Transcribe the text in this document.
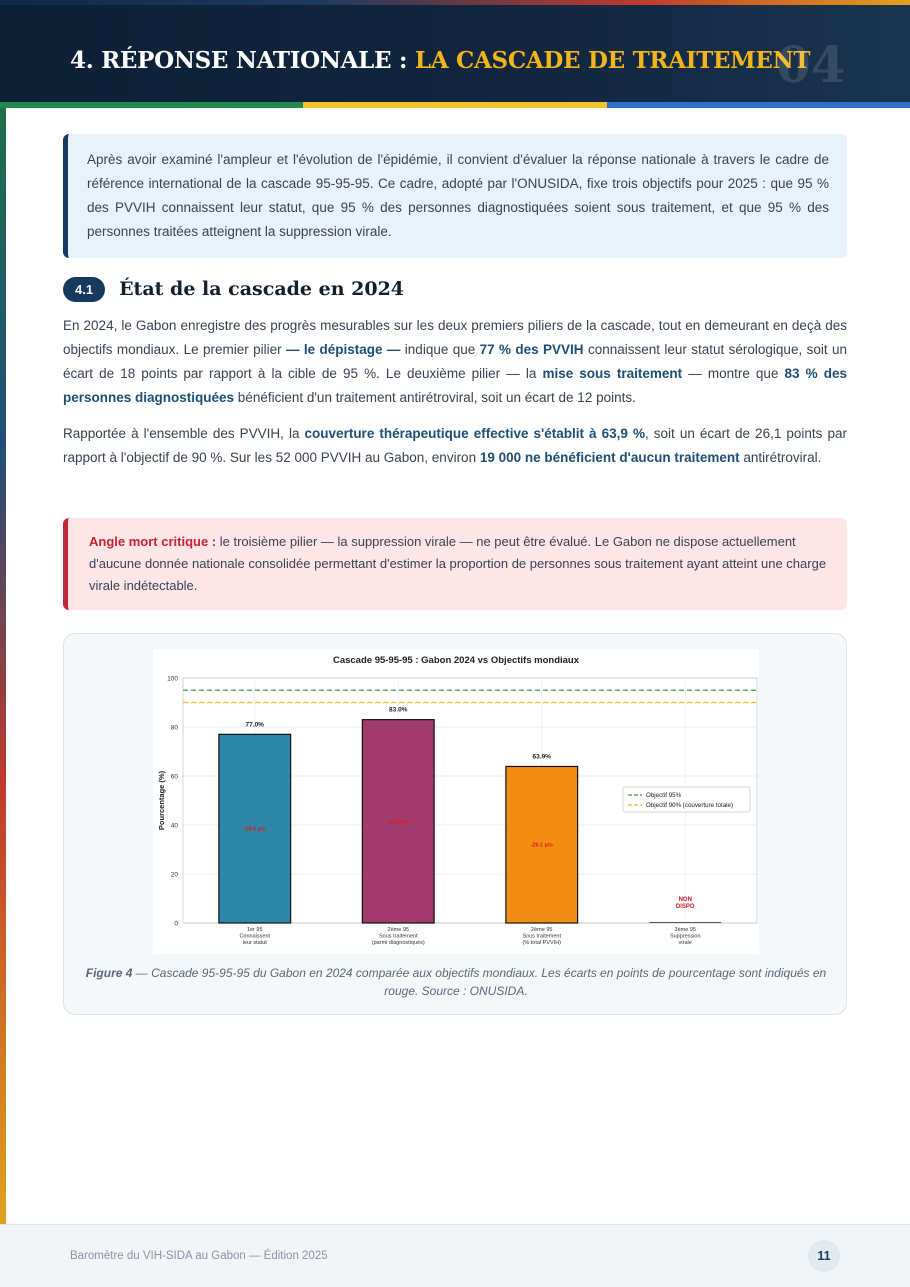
4. RÉPONSE NATIONALE : LA CASCADE DE TRAITEMENT
04
Après avoir examiné l'ampleur et l'évolution de l'épidémie, il convient d'évaluer la réponse nationale à travers le cadre de référence international de la cascade 95-95-95. Ce cadre, adopté par l'ONUSIDA, fixe trois objectifs pour 2025 : que 95 % des PVVIH connaissent leur statut, que 95 % des personnes diagnostiquées soient sous traitement, et que 95 % des personnes traitées atteignent la suppression virale.
4.1	État de la cascade en 2024
En 2024, le Gabon enregistre des progrès mesurables sur les deux premiers piliers de la cascade, tout en demeurant en deçà des objectifs mondiaux. Le premier pilier — le dépistage — indique que 77 % des PVVIH connaissent leur statut sérologique, soit un écart de 18 points par rapport à la cible de 95 %. Le deuxième pilier — la mise sous traitement — montre que 83 % des personnes diagnostiquées bénéficient d'un traitement antirétroviral, soit un écart de 12 points.
Rapportée à l'ensemble des PVVIH, la couverture thérapeutique effective s'établit à 63,9 %, soit un écart de 26,1 points par rapport à l'objectif de 90 %. Sur les 52 000 PVVIH au Gabon, environ 19 000 ne bénéficient d'aucun traitement antirétroviral.
Angle mort critique : le troisième pilier — la suppression virale — ne peut être évalué. Le Gabon ne dispose actuellement d'aucune donnée nationale consolidée permettant d'estimer la proportion de personnes sous traitement ayant atteint une charge virale indétectable.
Cascade 95-95-95 : Gabon 2024 vs Objectifs mondiaux
0
20
40
60
80
100
77.0%
-18.0 pts
1er 95
Connaissent
leur statut
83.0%
-12.0 pts
2ème 95
Sous traitement
(parmi diagnostiqués)
63.9%
-26.1 pts
2ème 95
Sous traitement
(% total PVVIH)
NON
DISPO
3ème 95
Suppression
virale
Pourcentage (%)	Objectif 95%
Objectif 90% (couverture totale)
Figure 4 — Cascade 95-95-95 du Gabon en 2024 comparée aux objectifs mondiaux. Les écarts en points de pourcentage sont indiqués en rouge. Source : ONUSIDA.
Baromètre du VIH-SIDA au Gabon — Édition 2025	11
